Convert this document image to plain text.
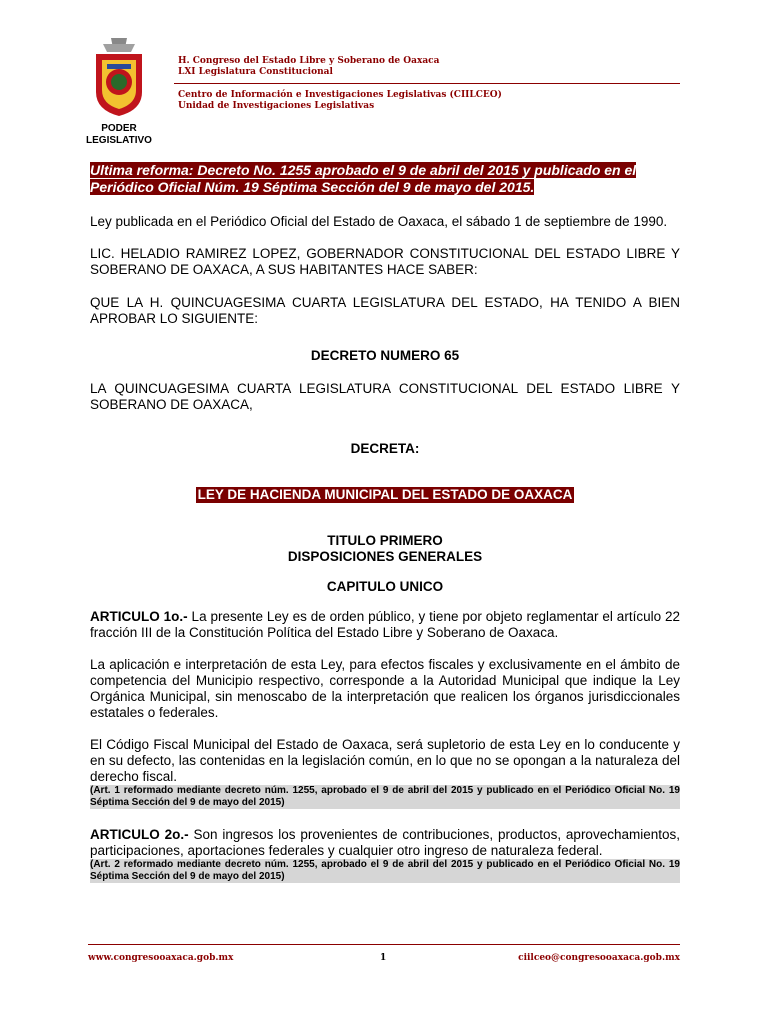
PODER LEGISLATIVO
H. Congreso del Estado Libre y Soberano de Oaxaca
LXI Legislatura Constitucional
Centro de Información e Investigaciones Legislativas (CIILCEO)
Unidad de Investigaciones Legislativas
Ultima reforma: Decreto No. 1255 aprobado el 9 de abril del 2015 y publicado en el
Periódico Oficial Núm. 19 Séptima Sección del 9 de mayo del 2015.

Ley publicada en el Periódico Oficial del Estado de Oaxaca, el sábado 1 de septiembre de 1990.

LIC. HELADIO RAMIREZ LOPEZ, GOBERNADOR CONSTITUCIONAL DEL ESTADO LIBRE Y SOBERANO DE OAXACA, A SUS HABITANTES HACE SABER:

QUE LA H. QUINCUAGESIMA CUARTA LEGISLATURA DEL ESTADO, HA TENIDO A BIEN APROBAR LO SIGUIENTE:

DECRETO NUMERO 65

LA QUINCUAGESIMA CUARTA LEGISLATURA CONSTITUCIONAL DEL ESTADO LIBRE Y SOBERANO DE OAXACA,

DECRETA:

LEY DE HACIENDA MUNICIPAL DEL ESTADO DE OAXACA

TITULO PRIMERO

DISPOSICIONES GENERALES

CAPITULO UNICO

ARTICULO 1o.- La presente Ley es de orden público, y tiene por objeto reglamentar el artículo 22 fracción III de la Constitución Política del Estado Libre y Soberano de Oaxaca.

La aplicación e interpretación de esta Ley, para efectos fiscales y exclusivamente en el ámbito de competencia del Municipio respectivo, corresponde a la Autoridad Municipal que indique la Ley Orgánica Municipal, sin menoscabo de la interpretación que realicen los órganos jurisdiccionales estatales o federales.

El Código Fiscal Municipal del Estado de Oaxaca, será supletorio de esta Ley en lo conducente y en su defecto, las contenidas en la legislación común, en lo que no se opongan a la naturaleza del derecho fiscal.

(Art. 1 reformado mediante decreto núm. 1255, aprobado el 9 de abril del 2015 y publicado en el Periódico Oficial No. 19 Séptima Sección del 9 de mayo del 2015)

ARTICULO 2o.- Son ingresos los provenientes de contribuciones, productos, aprovechamientos, participaciones, aportaciones federales y cualquier otro ingreso de naturaleza federal.

(Art. 2 reformado mediante decreto núm. 1255, aprobado el 9 de abril del 2015 y publicado en el Periódico Oficial No. 19 Séptima Sección del 9 de mayo del 2015)

www.congresooaxaca.gob.mx	1	ciilceo@congresooaxaca.gob.mx
